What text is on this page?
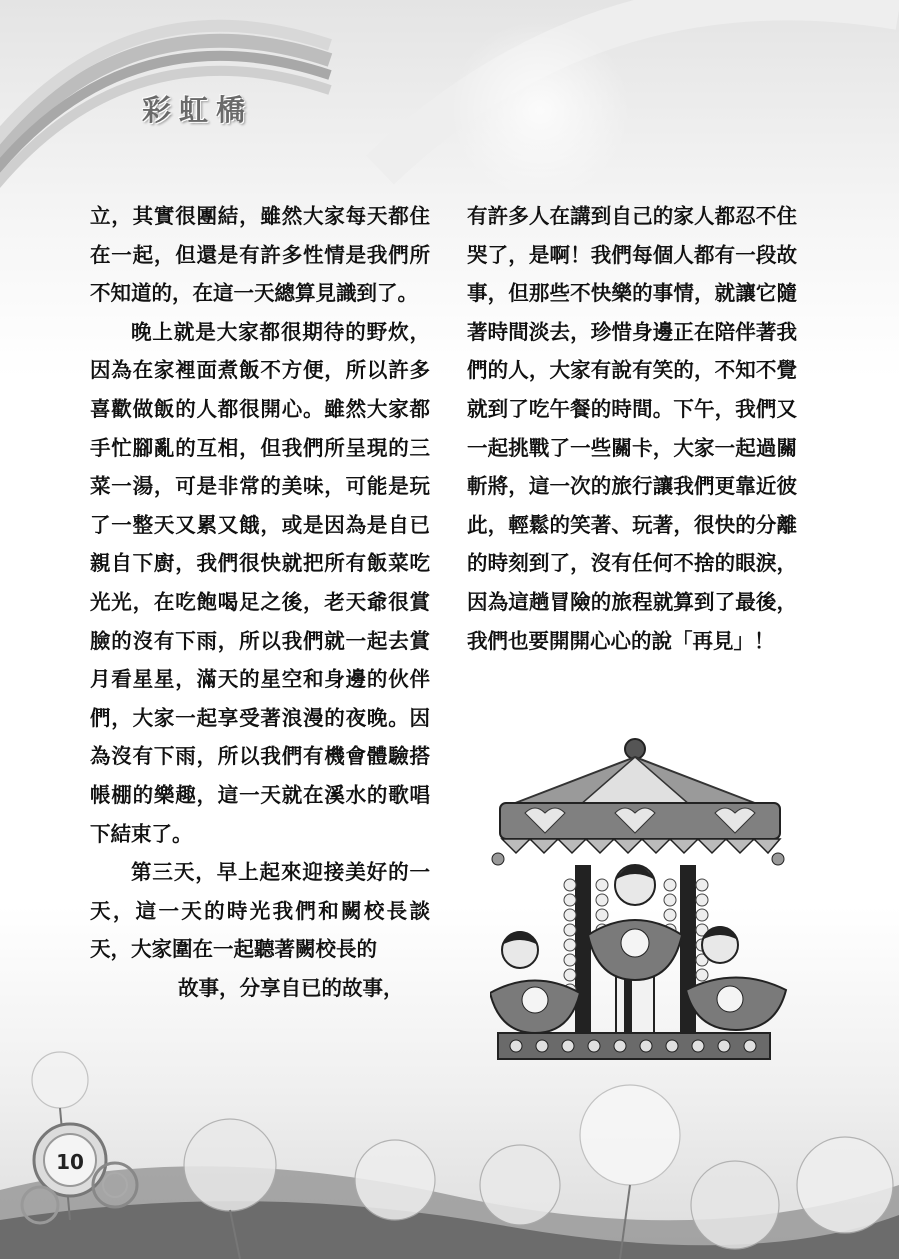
彩虹橋

立，其實很團結，雖然大家每天都住在一起，但還是有許多性情是我們所不知道的，在這一天總算見識到了。

晚上就是大家都很期待的野炊，因為在家裡面煮飯不方便，所以許多喜歡做飯的人都很開心。雖然大家都手忙腳亂的互相，但我們所呈現的三菜一湯，可是非常的美味，可能是玩了一整天又累又餓，或是因為是自已親自下廚，我們很快就把所有飯菜吃光光，在吃飽喝足之後，老天爺很賞臉的沒有下雨，所以我們就一起去賞月看星星，滿天的星空和身邊的伙伴們，大家一起享受著浪漫的夜晚。因為沒有下雨，所以我們有機會體驗搭帳棚的樂趣，這一天就在溪水的歌唱下結束了。

第三天，早上起來迎接美好的一天，這一天的時光我們和闕校長談天，大家圍在一起聽著闕校長的

故事，分享自已的故事，

有許多人在講到自己的家人都忍不住哭了，是啊！我們每個人都有一段故事，但那些不快樂的事情，就讓它隨著時間淡去，珍惜身邊正在陪伴著我們的人，大家有說有笑的，不知不覺就到了吃午餐的時間。下午，我們又一起挑戰了一些關卡，大家一起過關斬將，這一次的旅行讓我們更靠近彼此，輕鬆的笑著、玩著，很快的分離的時刻到了，沒有任何不捨的眼淚，因為這趟冒險的旅程就算到了最後，我們也要開開心心的說「再見」！

10
